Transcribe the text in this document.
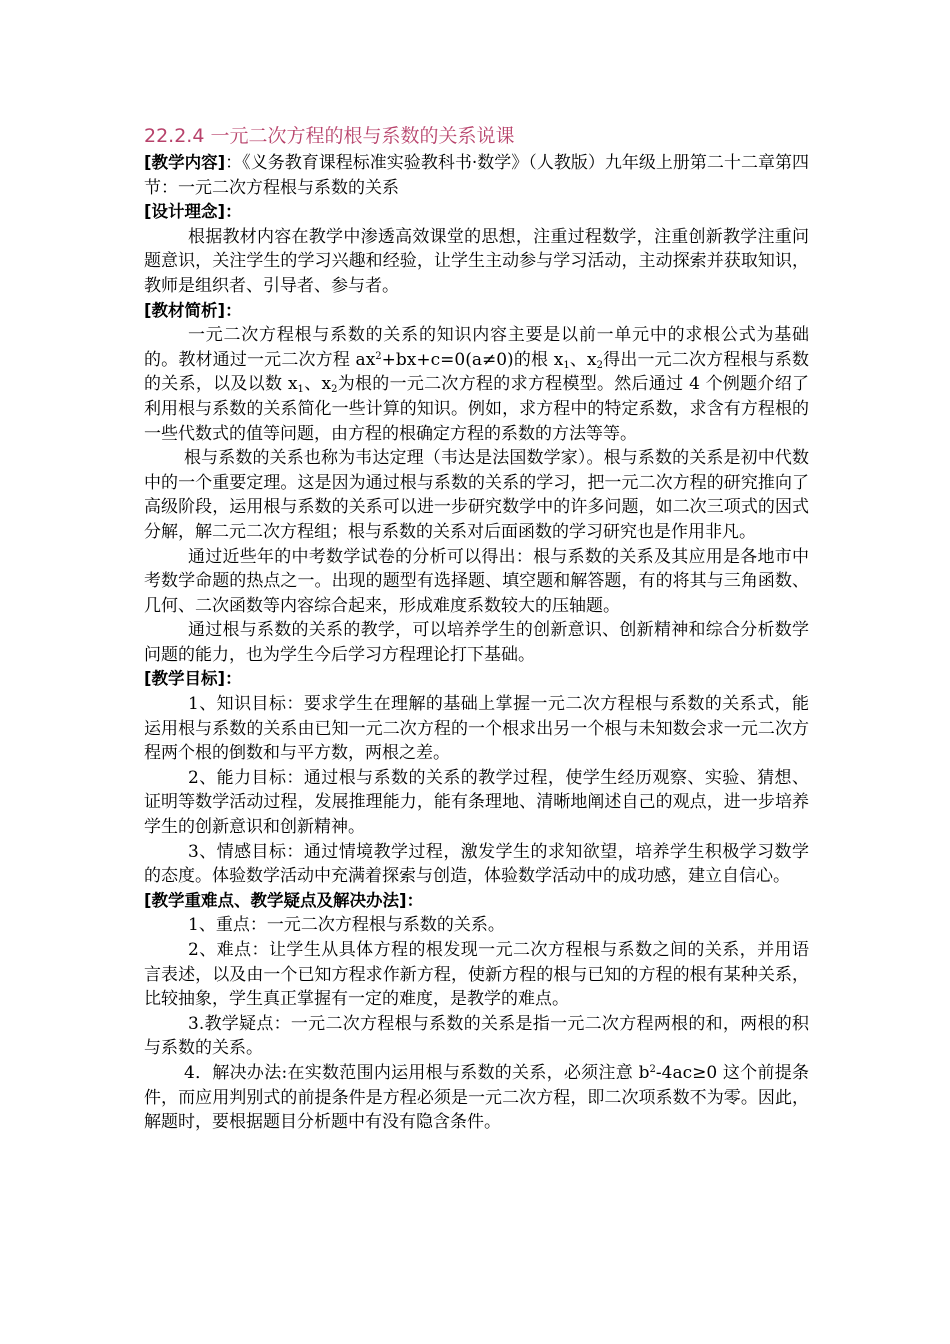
22.2.4 一元二次方程的根与系数的关系说课

[教学内容]：《义务教育课程标准实验教科书·数学》（人教版）九年级上册第二十二章第四节：一元二次方程根与系数的关系

[设计理念]：

根据教材内容在教学中渗透高效课堂的思想，注重过程数学，注重创新教学注重问题意识，关注学生的学习兴趣和经验，让学生主动参与学习活动，主动探索并获取知识，教师是组织者、引导者、参与者。

[教材简析]：

一元二次方程根与系数的关系的知识内容主要是以前一单元中的求根公式为基础的。教材通过一元二次方程 $ax^2+bx+c=0(a\ne 0)$的根 $x_1$、$x_2$得出一元二次方程根与系数的关系，以及以数 $x_1$、$x_2$为根的一元二次方程的求方程模型。然后通过 4 个例题介绍了利用根与系数的关系简化一些计算的知识。例如，求方程中的特定系数，求含有方程根的一些代数式的值等问题，由方程的根确定方程的系数的方法等等。

根与系数的关系也称为韦达定理（韦达是法国数学家）。根与系数的关系是初中代数中的一个重要定理。这是因为通过根与系数的关系的学习，把一元二次方程的研究推向了高级阶段，运用根与系数的关系可以进一步研究数学中的许多问题，如二次三项式的因式分解，解二元二次方程组；根与系数的关系对后面函数的学习研究也是作用非凡。

通过近些年的中考数学试卷的分析可以得出：根与系数的关系及其应用是各地市中考数学命题的热点之一。出现的题型有选择题、填空题和解答题，有的将其与三角函数、几何、二次函数等内容综合起来，形成难度系数较大的压轴题。

通过根与系数的关系的教学，可以培养学生的创新意识、创新精神和综合分析数学问题的能力，也为学生今后学习方程理论打下基础。

[教学目标]：

1、知识目标：要求学生在理解的基础上掌握一元二次方程根与系数的关系式，能运用根与系数的关系由已知一元二次方程的一个根求出另一个根与未知数会求一元二次方程两个根的倒数和与平方数，两根之差。

2、能力目标：通过根与系数的关系的教学过程，使学生经历观察、实验、猜想、证明等数学活动过程，发展推理能力，能有条理地、清晰地阐述自己的观点，进一步培养学生的创新意识和创新精神。

3、情感目标：通过情境教学过程，激发学生的求知欲望，培养学生积极学习数学的态度。体验数学活动中充满着探索与创造，体验数学活动中的成功感，建立自信心。

[教学重难点、教学疑点及解决办法]：

1、重点：一元二次方程根与系数的关系。

2、难点：让学生从具体方程的根发现一元二次方程根与系数之间的关系，并用语言表述，以及由一个已知方程求作新方程，使新方程的根与已知的方程的根有某种关系，比较抽象，学生真正掌握有一定的难度，是教学的难点。

3.教学疑点：一元二次方程根与系数的关系是指一元二次方程两根的和，两根的积与系数的关系。

4．解决办法:在实数范围内运用根与系数的关系，必须注意 $b^2-4ac\ge 0$ 这个前提条件，而应用判别式的前提条件是方程必须是一元二次方程，即二次项系数不为零。因此，解题时，要根据题目分析题中有没有隐含条件。
